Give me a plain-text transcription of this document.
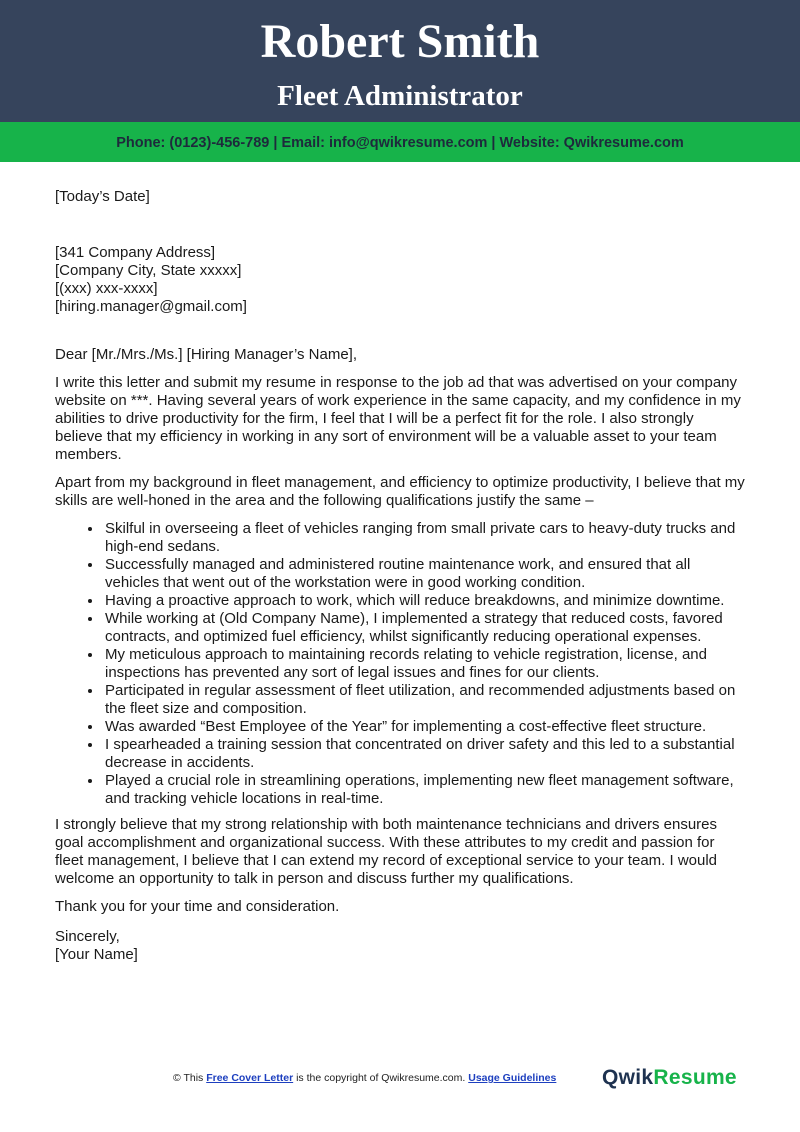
Robert Smith
Fleet Administrator
Phone: (0123)-456-789 | Email: info@qwikresume.com | Website: Qwikresume.com

[Today’s Date]

[341 Company Address]

[Company City, State xxxxx]

[(xxx) xxx-xxxx]

[hiring.manager@gmail.com]

Dear [Mr./Mrs./Ms.] [Hiring Manager’s Name],

I write this letter and submit my resume in response to the job ad that was advertised on your company website on ***. Having several years of work experience in the same capacity, and my confidence in my abilities to drive productivity for the firm, I feel that I will be a perfect fit for the role. I also strongly believe that my efficiency in working in any sort of environment will be a valuable asset to your team members.

Apart from my background in fleet management, and efficiency to optimize productivity, I believe that my skills are well-honed in the area and the following qualifications justify the same –

• Skilful in overseeing a fleet of vehicles ranging from small private cars to heavy-duty trucks and high-end sedans.
• Successfully managed and administered routine maintenance work, and ensured that all vehicles that went out of the workstation were in good working condition.
• Having a proactive approach to work, which will reduce breakdowns, and minimize downtime.
• While working at (Old Company Name), I implemented a strategy that reduced costs, favored contracts, and optimized fuel efficiency, whilst significantly reducing operational expenses.
• My meticulous approach to maintaining records relating to vehicle registration, license, and inspections has prevented any sort of legal issues and fines for our clients.
• Participated in regular assessment of fleet utilization, and recommended adjustments based on the fleet size and composition.
• Was awarded “Best Employee of the Year” for implementing a cost-effective fleet structure.
• I spearheaded a training session that concentrated on driver safety and this led to a substantial decrease in accidents.
• Played a crucial role in streamlining operations, implementing new fleet management software, and tracking vehicle locations in real-time.

I strongly believe that my strong relationship with both maintenance technicians and drivers ensures goal accomplishment and organizational success. With these attributes to my credit and passion for fleet management, I believe that I can extend my record of exceptional service to your team. I would welcome an opportunity to talk in person and discuss further my qualifications.

Thank you for your time and consideration.

Sincerely,

[Your Name]

© This Free Cover Letter is the copyright of Qwikresume.com. Usage Guidelines QwikResume
